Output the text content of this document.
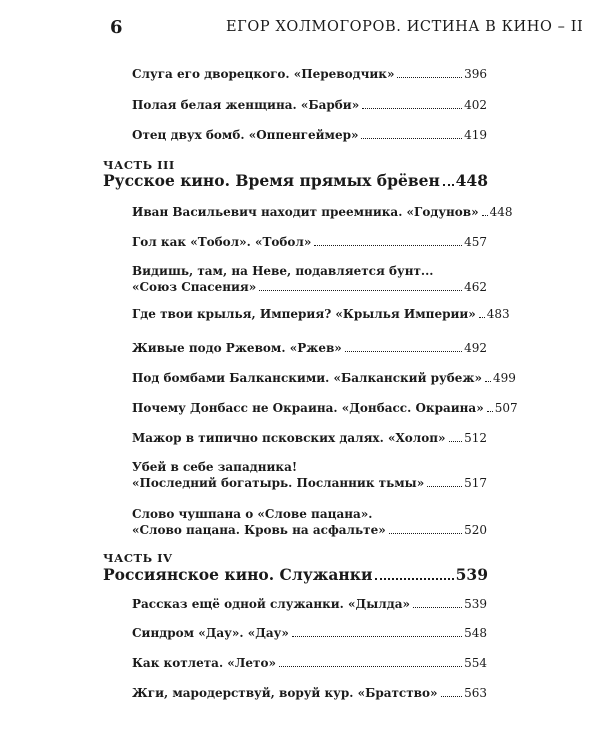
6	ЕГОР ХОЛМОГОРОВ. ИСТИНА В КИНО – II
Слуга его дворецкого. «Переводчик»	396
Полая белая женщина. «Барби»	402
Отец двух бомб. «Оппенгеймер»	419
ЧАСТЬ III
Русское кино. Время прямых брёвен 448
Иван Васильевич находит преемника. «Годунов» 448
Гол как «Тобол». «Тобол»	457
Видишь, там, на Неве, подавляется бунт...
«Союз Спасения»	462
Где твои крылья, Империя? «Крылья Империи» 483
Живые подо Ржевом. «Ржев»	492
Под бомбами Балканскими. «Балканский рубеж» 499
Почему Донбасс не Окраина. «Донбасс. Окраина» 507
Мажор в типично псковских далях. «Холоп» 512
Убей в себе западника!
«Последний богатырь. Посланник тьмы»	517
Слово чушпана о «Слове пацана».
«Слово пацана. Кровь на асфальте»	520
ЧАСТЬ IV
Россиянское кино. Служанки	539
Рассказ ещё одной служанки. «Дылда»	539
Синдром «Дау». «Дау»	548
Как котлета. «Лето»	554
Жги, мародерствуй, воруй кур. «Братство» 563
